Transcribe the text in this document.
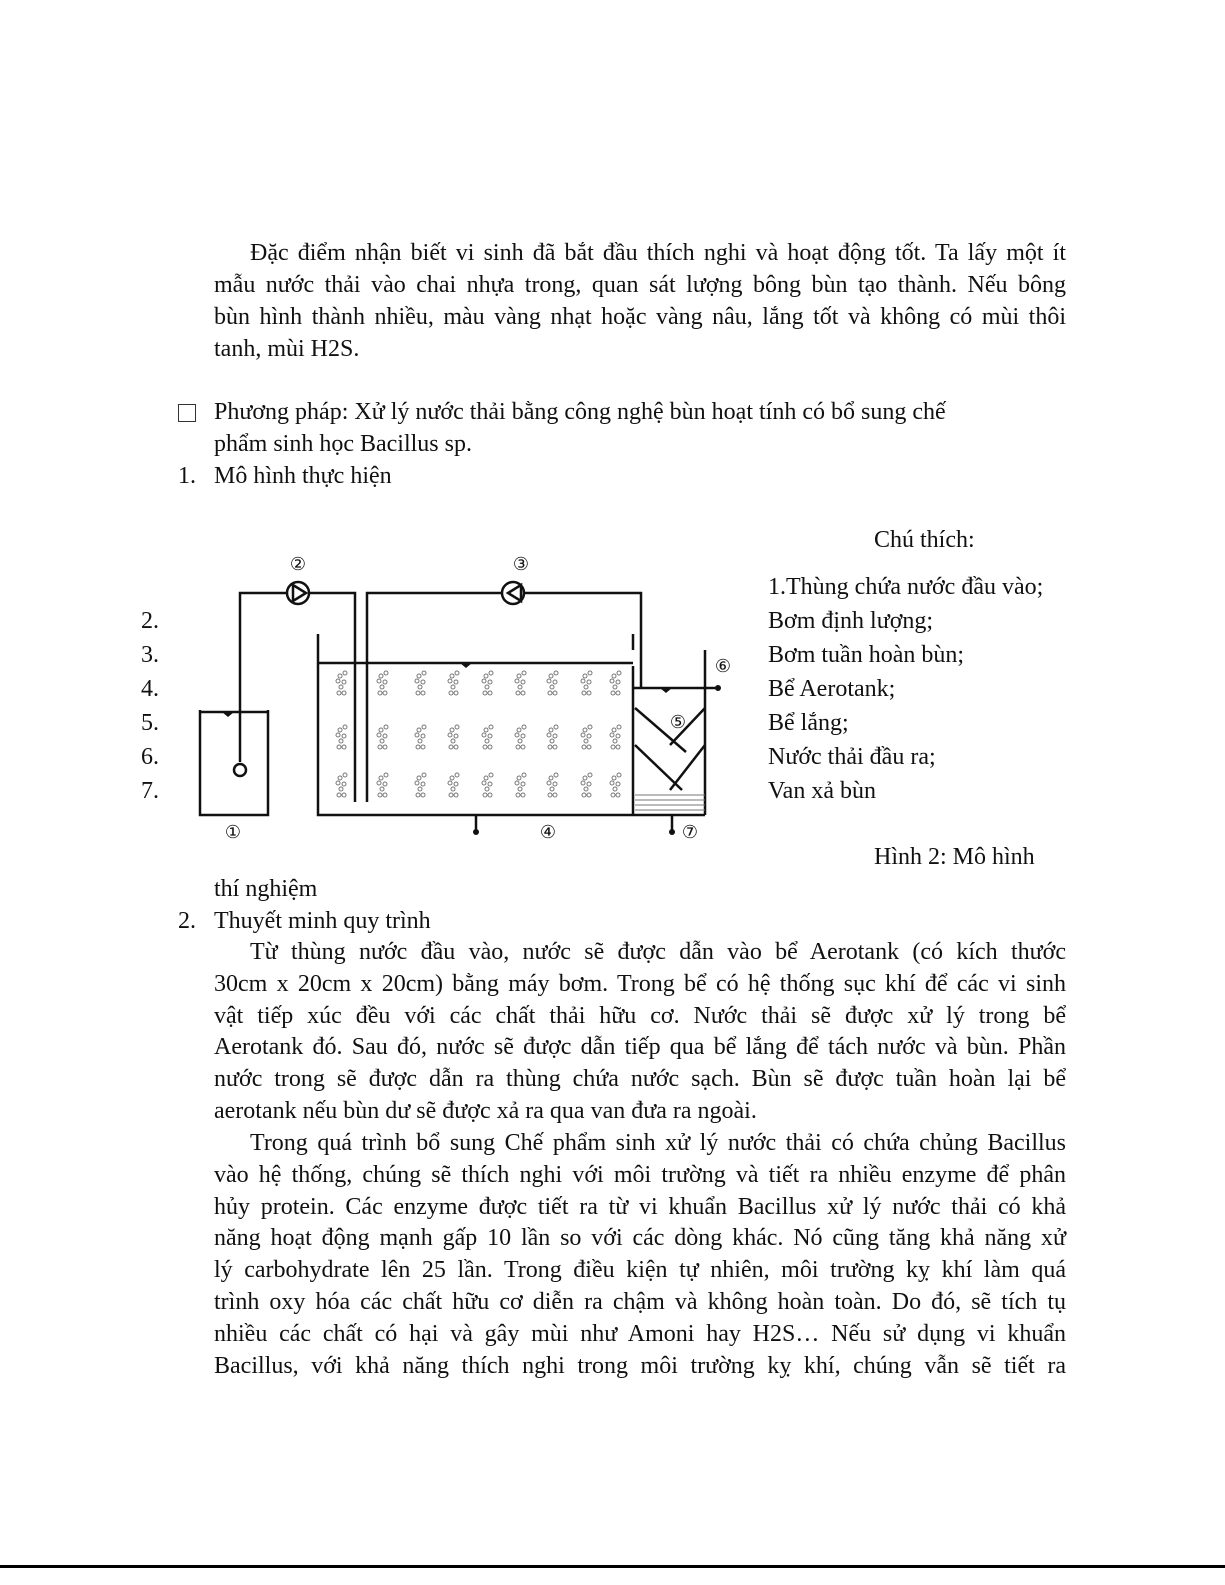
Đặc điểm nhận biết vi sinh đã bắt đầu thích nghi và hoạt động tốt. Ta lấy một ít
mẫu nước thải vào chai nhựa trong, quan sát lượng bông bùn tạo thành. Nếu bông
bùn hình thành nhiều, màu vàng nhạt hoặc vàng nâu, lắng tốt và không có mùi thôi
tanh, mùi H2S.
Phương pháp: Xử lý nước thải bằng công nghệ bùn hoạt tính có bổ sung chế
phẩm sinh học Bacillus sp.
1. Mô hình thực hiện
Chú thích:
1.Thùng chứa nước đầu vào;
Bơm định lượng;
Bơm tuần hoàn bùn;
Bể Aerotank;
Bể lắng;
Nước thải đầu ra;
Van xả bùn
2.
3.
4.
5.
6.
7.
①
②	③
④
⑤
⑥
⑦
Hình 2: Mô hình
thí nghiệm
2. Thuyết minh quy trình
Từ thùng nước đầu vào, nước sẽ được dẫn vào bể Aerotank (có kích thước
30cm x 20cm x 20cm) bằng máy bơm. Trong bể có hệ thống sục khí để các vi sinh
vật tiếp xúc đều với các chất thải hữu cơ. Nước thải sẽ được xử lý trong bể
Aerotank đó. Sau đó, nước sẽ được dẫn tiếp qua bể lắng để tách nước và bùn. Phần
nước trong sẽ được dẫn ra thùng chứa nước sạch. Bùn sẽ được tuần hoàn lại bể
aerotank nếu bùn dư sẽ được xả ra qua van đưa ra ngoài.
Trong quá trình bổ sung Chế phẩm sinh xử lý nước thải có chứa chủng Bacillus
vào hệ thống, chúng sẽ thích nghi với môi trường và tiết ra nhiều enzyme để phân
hủy protein. Các enzyme được tiết ra từ vi khuẩn Bacillus xử lý nước thải có khả
năng hoạt động mạnh gấp 10 lần so với các dòng khác. Nó cũng tăng khả năng xử
lý carbohydrate lên 25 lần. Trong điều kiện tự nhiên, môi trường kỵ khí làm quá
trình oxy hóa các chất hữu cơ diễn ra chậm và không hoàn toàn. Do đó, sẽ tích tụ
nhiều các chất có hại và gây mùi như Amoni hay H2S… Nếu sử dụng vi khuẩn
Bacillus, với khả năng thích nghi trong môi trường kỵ khí, chúng vẫn sẽ tiết ra
